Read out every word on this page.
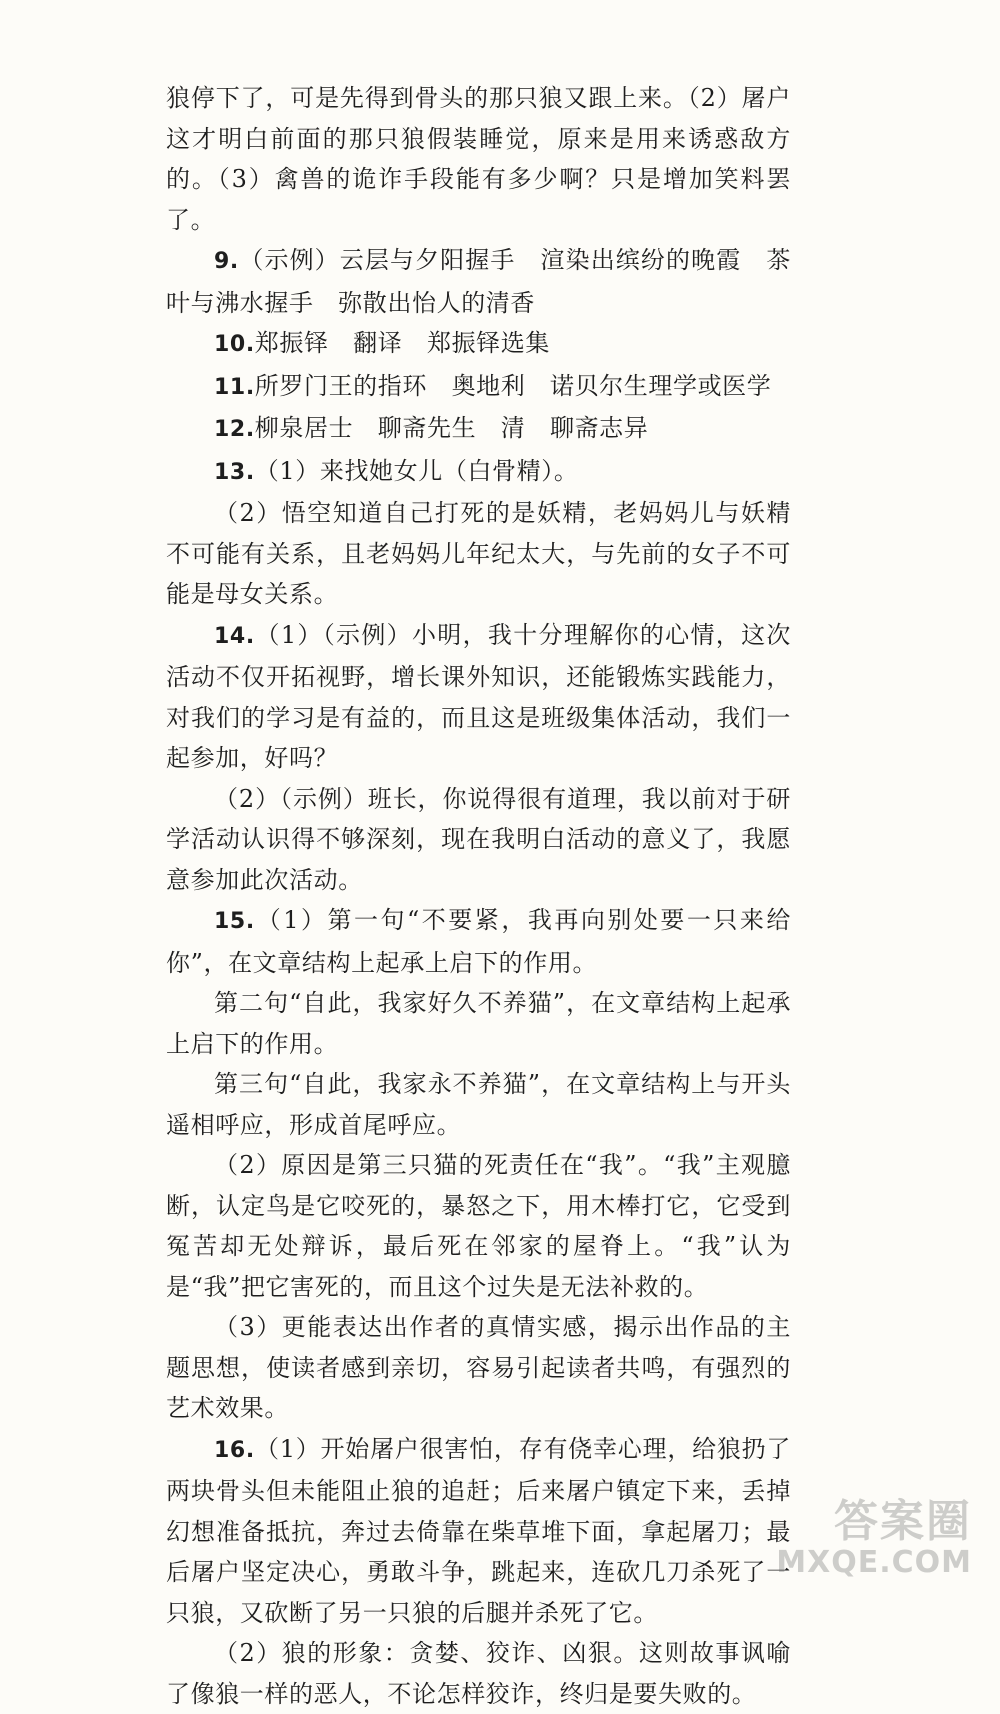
狼停下了，可是先得到骨头的那只狼又跟上来。（2）屠户这才明白前面的那只狼假装睡觉，原来是用来诱惑敌方的。（3）禽兽的诡诈手段能有多少啊？只是增加笑料罢了。

9.（示例）云层与夕阳握手　渲染出缤纷的晚霞　茶叶与沸水握手　弥散出怡人的清香

10.郑振铎　翻译　郑振铎选集

11.所罗门王的指环　奥地利　诺贝尔生理学或医学

12.柳泉居士　聊斋先生　清　聊斋志异

13.（1）来找她女儿（白骨精）。

（2）悟空知道自己打死的是妖精，老妈妈儿与妖精不可能有关系，且老妈妈儿年纪太大，与先前的女子不可能是母女关系。

14.（1）（示例）小明，我十分理解你的心情，这次活动不仅开拓视野，增长课外知识，还能锻炼实践能力，对我们的学习是有益的，而且这是班级集体活动，我们一起参加，好吗？

（2）（示例）班长，你说得很有道理，我以前对于研学活动认识得不够深刻，现在我明白活动的意义了，我愿意参加此次活动。

15.（1）第一句“不要紧，我再向别处要一只来给你”，在文章结构上起承上启下的作用。

第二句“自此，我家好久不养猫”，在文章结构上起承上启下的作用。

第三句“自此，我家永不养猫”，在文章结构上与开头遥相呼应，形成首尾呼应。

（2）原因是第三只猫的死责任在“我”。“我”主观臆断，认定鸟是它咬死的，暴怒之下，用木棒打它，它受到冤苦却无处辩诉，最后死在邻家的屋脊上。“我”认为是“我”把它害死的，而且这个过失是无法补救的。

（3）更能表达出作者的真情实感，揭示出作品的主题思想，使读者感到亲切，容易引起读者共鸣，有强烈的艺术效果。

16.（1）开始屠户很害怕，存有侥幸心理，给狼扔了两块骨头但未能阻止狼的追赶；后来屠户镇定下来，丢掉幻想准备抵抗，奔过去倚靠在柴草堆下面，拿起屠刀；最后屠户坚定决心，勇敢斗争，跳起来，连砍几刀杀死了一只狼，又砍断了另一只狼的后腿并杀死了它。

（2）狼的形象：贪婪、狡诈、凶狠。这则故事讽喻了像狼一样的恶人，不论怎样狡诈，终归是要失败的。

答案圈
MXQE.COM
